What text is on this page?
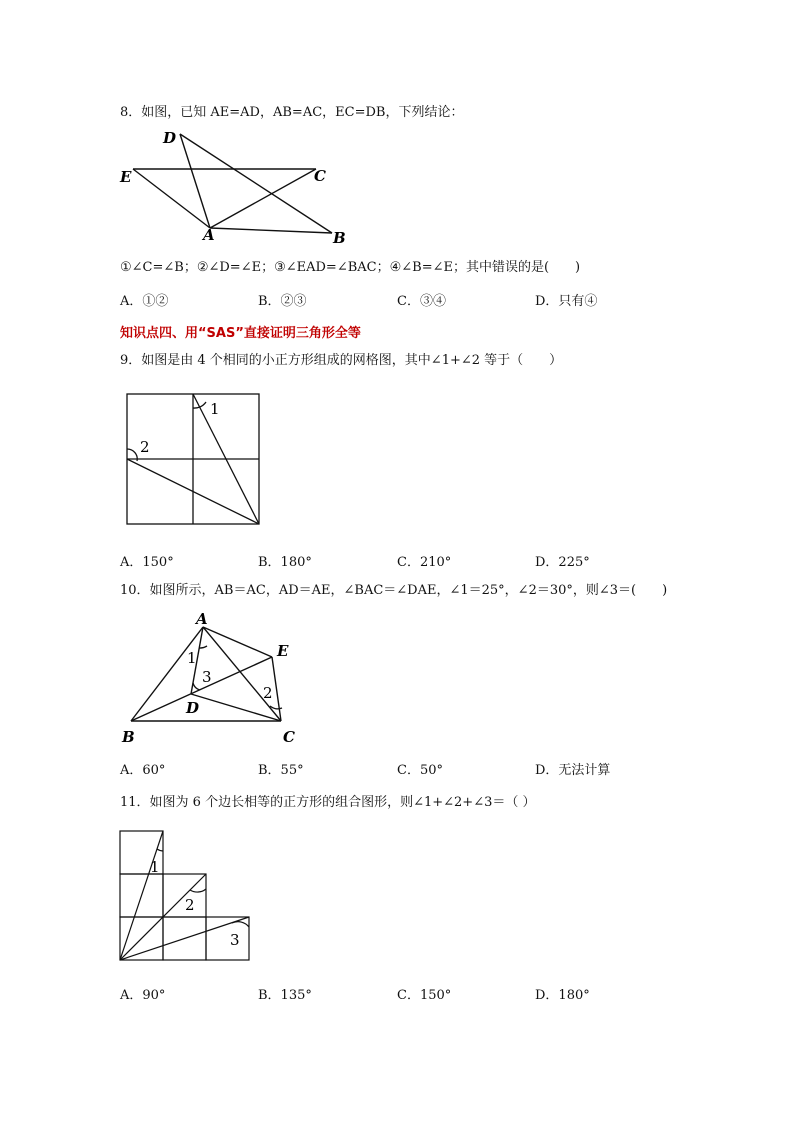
8．如图，已知 AE=AD，AB=AC，EC=DB，下列结论：
D
E	C
A	B
①∠C=∠B；②∠D=∠E；③∠EAD=∠BAC；④∠B=∠E；其中错误的是(　　)
A．①②	B．②③	C．③④	D．只有④
知识点四、用“SAS”直接证明三角形全等
9．如图是由 4 个相同的小正方形组成的网格图，其中∠1+∠2 等于（　　）
1
2
A．150°	B．180°	C．210°	D．225°
10．如图所示，AB＝AC，AD＝AE，∠BAC＝∠DAE，∠1＝25°，∠2＝30°，则∠3＝(　　)
A
E
B	C
D
1
3
2
A．60°	B．55°	C．50°	D．无法计算
11．如图为 6 个边长相等的正方形的组合图形，则∠1+∠2+∠3＝（ ）
1
2
3
A．90°	B．135°	C．150°	D．180°
